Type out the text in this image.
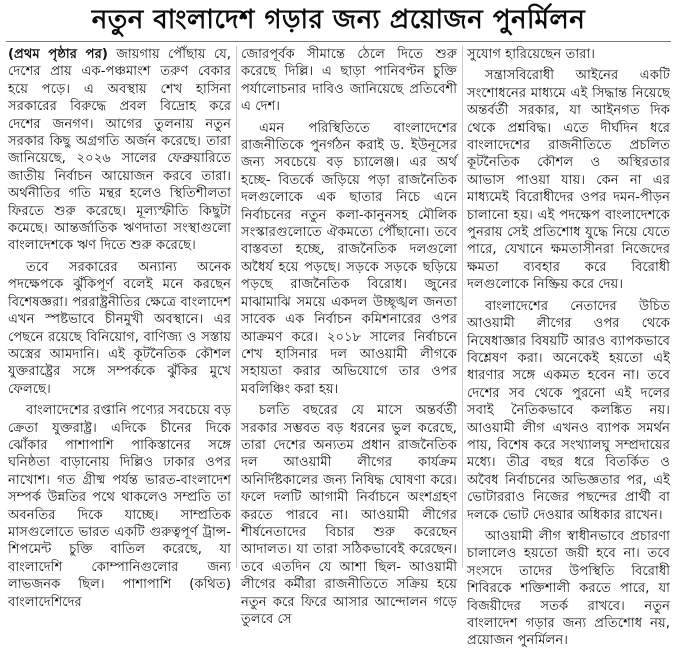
নতুন বাংলাদেশ গড়ার জন্য প্রয়োজন পুনর্মিলন

(প্রথম পৃষ্ঠার পর) জায়গায় পৌঁছায় যে, দেশের প্রায় এক-পঞ্চমাংশ তরুণ বেকার হয়ে পড়ে। এ অবস্থায় শেখ হাসিনা সরকারের বিরুদ্ধে প্রবল বিদ্রোহ করে দেশের জনগণ। আগের তুলনায় নতুন সরকার কিছু অগ্রগতি অর্জন করেছে। তারা জানিয়েছে, ২০২৬ সালের ফেব্রুয়ারিতে জাতীয় নির্বাচন আয়োজন করবে তারা। অর্থনীতির গতি মন্থর হলেও স্থিতিশীলতা ফিরতে শুরু করেছে। মূল্যস্ফীতি কিছুটা কমেছে। আন্তর্জাতিক ঋণদাতা সংস্থাগুলো বাংলাদেশকে ঋণ দিতে শুরু করেছে।

তবে সরকারের অন্যান্য অনেক পদক্ষেপকে ঝুঁকিপূর্ণ বলেই মনে করছেন বিশেষজ্ঞরা। পররাষ্ট্রনীতির ক্ষেত্রে বাংলাদেশ এখন স্পষ্টভাবে চীনমুখী অবস্থানে। এর পেছনে রয়েছে বিনিয়োগ, বাণিজ্য ও সস্তায় অস্ত্রের আমদানি। এই কূটনৈতিক কৌশল যুক্তরাষ্ট্রের সঙ্গে সম্পর্ককে ঝুঁকির মুখে ফেলছে।

বাংলাদেশের রপ্তানি পণ্যের সবচেয়ে বড় ক্রেতা যুক্তরাষ্ট্র। এদিকে চীনের দিকে ঝোঁকার পাশাপাশি পাকিস্তানের সঙ্গে ঘনিষ্ঠতা বাড়ানোয় দিল্লিও ঢাকার ওপর নাখোশ। গত গ্রীষ্ম পর্যন্ত ভারত-বাংলাদেশ সম্পর্ক উন্নতির পথে থাকলেও সম্প্রতি তা অবনতির দিকে যাচ্ছে। সাম্প্রতিক মাসগুলোতে ভারত একটি গুরুত্বপূর্ণ ট্রান্স-শিপমেন্ট চুক্তি বাতিল করেছে, যা বাংলাদেশি কোম্পানিগুলোর জন্য লাভজনক ছিল। পাশাপাশি (কথিত) বাংলাদেশিদের

জোরপূর্বক সীমান্তে ঠেলে দিতে শুরু করেছে দিল্লি। এ ছাড়া পানিবণ্টন চুক্তি পর্যালোচনার দাবিও জানিয়েছে প্রতিবেশী এ দেশ।

এমন পরিস্থিতিতে বাংলাদেশের রাজনীতিকে পুনর্গঠন করাই ড. ইউনূসের জন্য সবচেয়ে বড় চ্যালেঞ্জ। এর অর্থ হচ্ছে- বিতর্কে জড়িয়ে পড়া রাজনৈতিক দলগুলোকে এক ছাতার নিচে এনে নির্বাচনের নতুন কলা-কানুনসহ মৌলিক সংস্কারগুলোতে ঐকমত্যে পৌঁছানো। তবে বাস্তবতা হচ্ছে, রাজনৈতিক দলগুলো অধৈর্য হয়ে পড়ছে। সড়কে সড়কে ছড়িয়ে পড়ছে রাজনৈতিক বিরোধ। জুনের মাঝামাঝি সময়ে একদল উচ্ছৃঙ্খল জনতা সাবেক এক নির্বাচন কমিশনারের ওপর আক্রমণ করে। ২০১৮ সালের নির্বাচনে শেখ হাসিনার দল আওয়ামী লীগকে সহায়তা করার অভিযোগে তার ওপর মবলিঞ্চিং করা হয়।

চলতি বছরের যে মাসে অন্তর্বর্তী সরকার সম্ভবত বড় ধরনের ভুল করেছে, তারা দেশের অন্যতম প্রধান রাজনৈতিক দল আওয়ামী লীগের কার্যক্রম অনির্দিষ্টকালের জন্য নিষিদ্ধ ঘোষণা করে। ফলে দলটি আগামী নির্বাচনে অংশগ্রহণ করতে পারবে না। আওয়ামী লীগের শীর্ষনেতাদের বিচার শুরু করেছেন আদালত। যা তারা সঠিকভাবেই করেছেন। তবে এতদিন যে আশা ছিল- আওয়ামী লীগের কর্মীরা রাজনীতিতে সক্রিয় হয়ে নতুন করে ফিরে আসার আন্দোলন গড়ে তুলবে সে

সুযোগ হারিয়েছেন তারা।

সন্ত্রাসবিরোধী আইনের একটি সংশোধনের মাধ্যমে এই সিদ্ধান্ত নিয়েছে অন্তর্বর্তী সরকার, যা আইনগত দিক থেকে প্রশ্নবিদ্ধ। এতে দীর্ঘদিন ধরে বাংলাদেশের রাজনীতিতে প্রচলিত কূটনৈতিক কৌশল ও অস্থিরতার আভাস পাওয়া যায়। কেন না এর মাধ্যমেই বিরোধীদের ওপর দমন-পীড়ন চালানো হয়। এই পদক্ষেপ বাংলাদেশকে পুনরায় সেই প্রতিশোধ যুদ্ধে নিয়ে যেতে পারে, যেখানে ক্ষমতাসীনরা নিজেদের ক্ষমতা ব্যবহার করে বিরোধী দলগুলোকে নিষ্ক্রিয় করে দেয়।

বাংলাদেশের নেতাদের উচিত আওয়ামী লীগের ওপর থেকে নিষেধাজ্ঞার বিষয়টি আরও ব্যাপকভাবে বিশ্লেষণ করা। অনেকেই হয়তো এই ধারণার সঙ্গে একমত হবেন না। তবে দেশের সব থেকে পুরনো এই দলের সবাই নৈতিকভাবে কলঙ্কিত নয়। আওয়ামী লীগ এখনও ব্যাপক সমর্থন পায়, বিশেষ করে সংখ্যালঘু সম্প্রদায়ের মধ্যে। তীব্র বছর ধরে বিতর্কিত ও অবৈধ নির্বাচনের অভিজ্ঞতার পর, এই ভোটাররাও নিজের পছন্দের প্রার্থী বা দলকে ভোট দেওয়ার অধিকার রাখেন।

আওয়ামী লীগ স্বাধীনভাবে প্রচারণা চালালেও হয়তো জয়ী হবে না। তবে সংসদে তাদের উপস্থিতি বিরোধী শিবিরকে শক্তিশালী করতে পারে, যা বিজয়ীদের সতর্ক রাখবে। নতুন বাংলাদেশ গড়ার জন্য প্রতিশোধ নয়, প্রয়োজন পুনর্মিলন।
